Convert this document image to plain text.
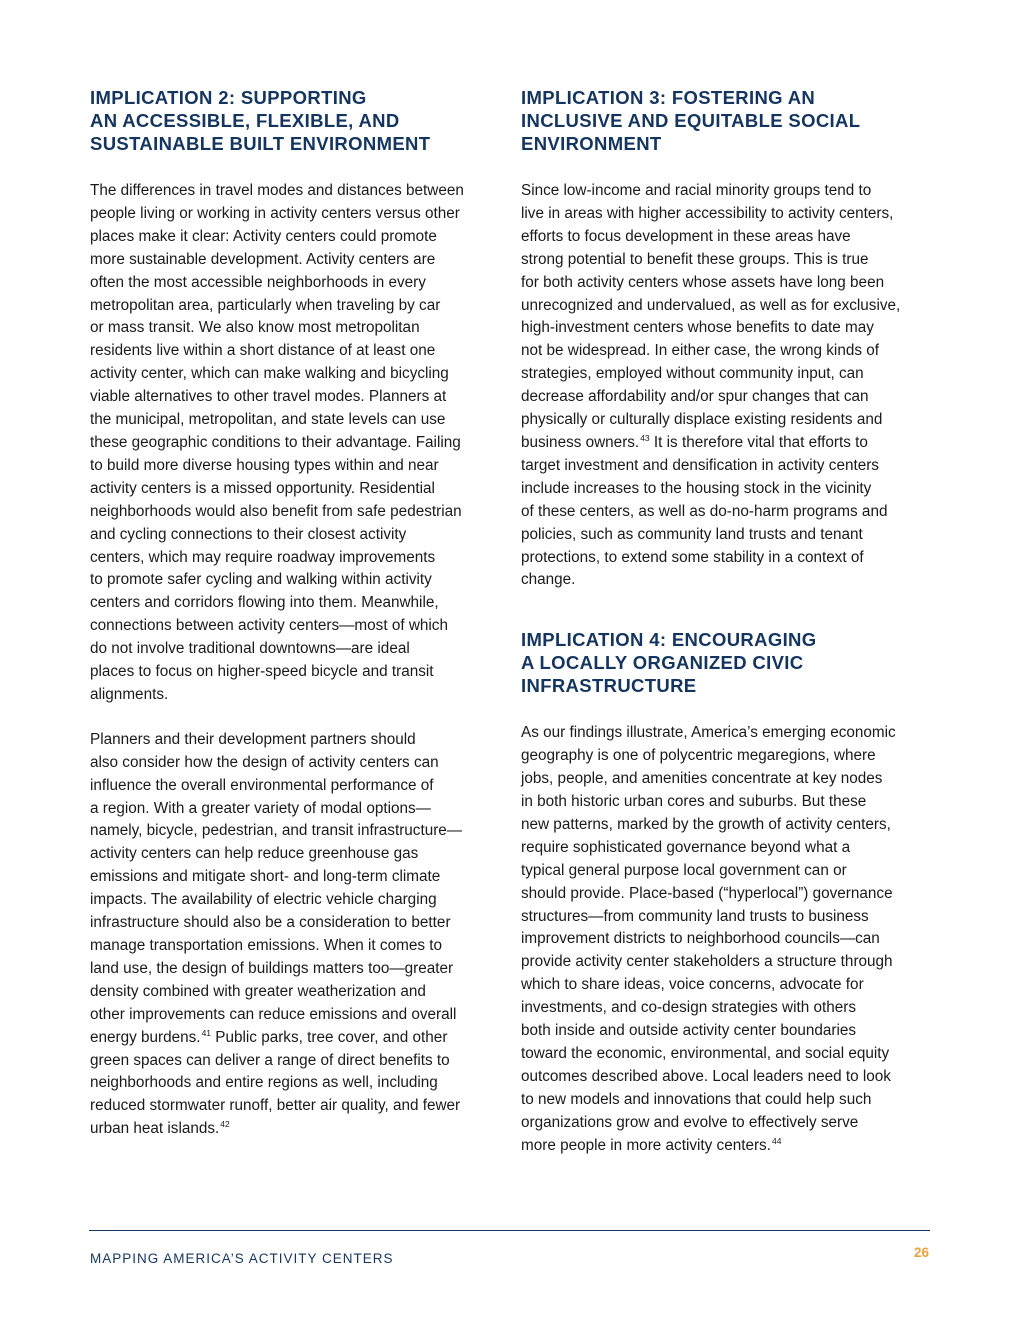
IMPLICATION 2: SUPPORTING
AN ACCESSIBLE, FLEXIBLE, AND
SUSTAINABLE BUILT ENVIRONMENT

The differences in travel modes and distances between
people living or working in activity centers versus other
places make it clear: Activity centers could promote
more sustainable development. Activity centers are
often the most accessible neighborhoods in every
metropolitan area, particularly when traveling by car
or mass transit. We also know most metropolitan
residents live within a short distance of at least one
activity center, which can make walking and bicycling
viable alternatives to other travel modes. Planners at
the municipal, metropolitan, and state levels can use
these geographic conditions to their advantage. Failing
to build more diverse housing types within and near
activity centers is a missed opportunity. Residential
neighborhoods would also benefit from safe pedestrian
and cycling connections to their closest activity
centers, which may require roadway improvements
to promote safer cycling and walking within activity
centers and corridors flowing into them. Meanwhile,
connections between activity centers—most of which
do not involve traditional downtowns—are ideal
places to focus on higher-speed bicycle and transit
alignments.

Planners and their development partners should
also consider how the design of activity centers can
influence the overall environmental performance of
a region. With a greater variety of modal options—
namely, bicycle, pedestrian, and transit infrastructure—
activity centers can help reduce greenhouse gas
emissions and mitigate short- and long-term climate
impacts. The availability of electric vehicle charging
infrastructure should also be a consideration to better
manage transportation emissions. When it comes to
land use, the design of buildings matters too—greater
density combined with greater weatherization and
other improvements can reduce emissions and overall
energy burdens.$^{41}$ Public parks, tree cover, and other
green spaces can deliver a range of direct benefits to
neighborhoods and entire regions as well, including
reduced stormwater runoff, better air quality, and fewer
urban heat islands.$^{42}$

IMPLICATION 3: FOSTERING AN
INCLUSIVE AND EQUITABLE SOCIAL
ENVIRONMENT

Since low-income and racial minority groups tend to
live in areas with higher accessibility to activity centers,
efforts to focus development in these areas have
strong potential to benefit these groups. This is true
for both activity centers whose assets have long been
unrecognized and undervalued, as well as for exclusive,
high-investment centers whose benefits to date may
not be widespread. In either case, the wrong kinds of
strategies, employed without community input, can
decrease affordability and/or spur changes that can
physically or culturally displace existing residents and
business owners.$^{43}$ It is therefore vital that efforts to
target investment and densification in activity centers
include increases to the housing stock in the vicinity
of these centers, as well as do-no-harm programs and
policies, such as community land trusts and tenant
protections, to extend some stability in a context of
change.

IMPLICATION 4: ENCOURAGING
A LOCALLY ORGANIZED CIVIC
INFRASTRUCTURE

As our findings illustrate, America’s emerging economic
geography is one of polycentric megaregions, where
jobs, people, and amenities concentrate at key nodes
in both historic urban cores and suburbs. But these
new patterns, marked by the growth of activity centers,
require sophisticated governance beyond what a
typical general purpose local government can or
should provide. Place-based (“hyperlocal”) governance
structures—from community land trusts to business
improvement districts to neighborhood councils—can
provide activity center stakeholders a structure through
which to share ideas, voice concerns, advocate for
investments, and co-design strategies with others
both inside and outside activity center boundaries
toward the economic, environmental, and social equity
outcomes described above. Local leaders need to look
to new models and innovations that could help such
organizations grow and evolve to effectively serve
more people in more activity centers.$^{44}$

MAPPING AMERICA’S ACTIVITY CENTERS	26
